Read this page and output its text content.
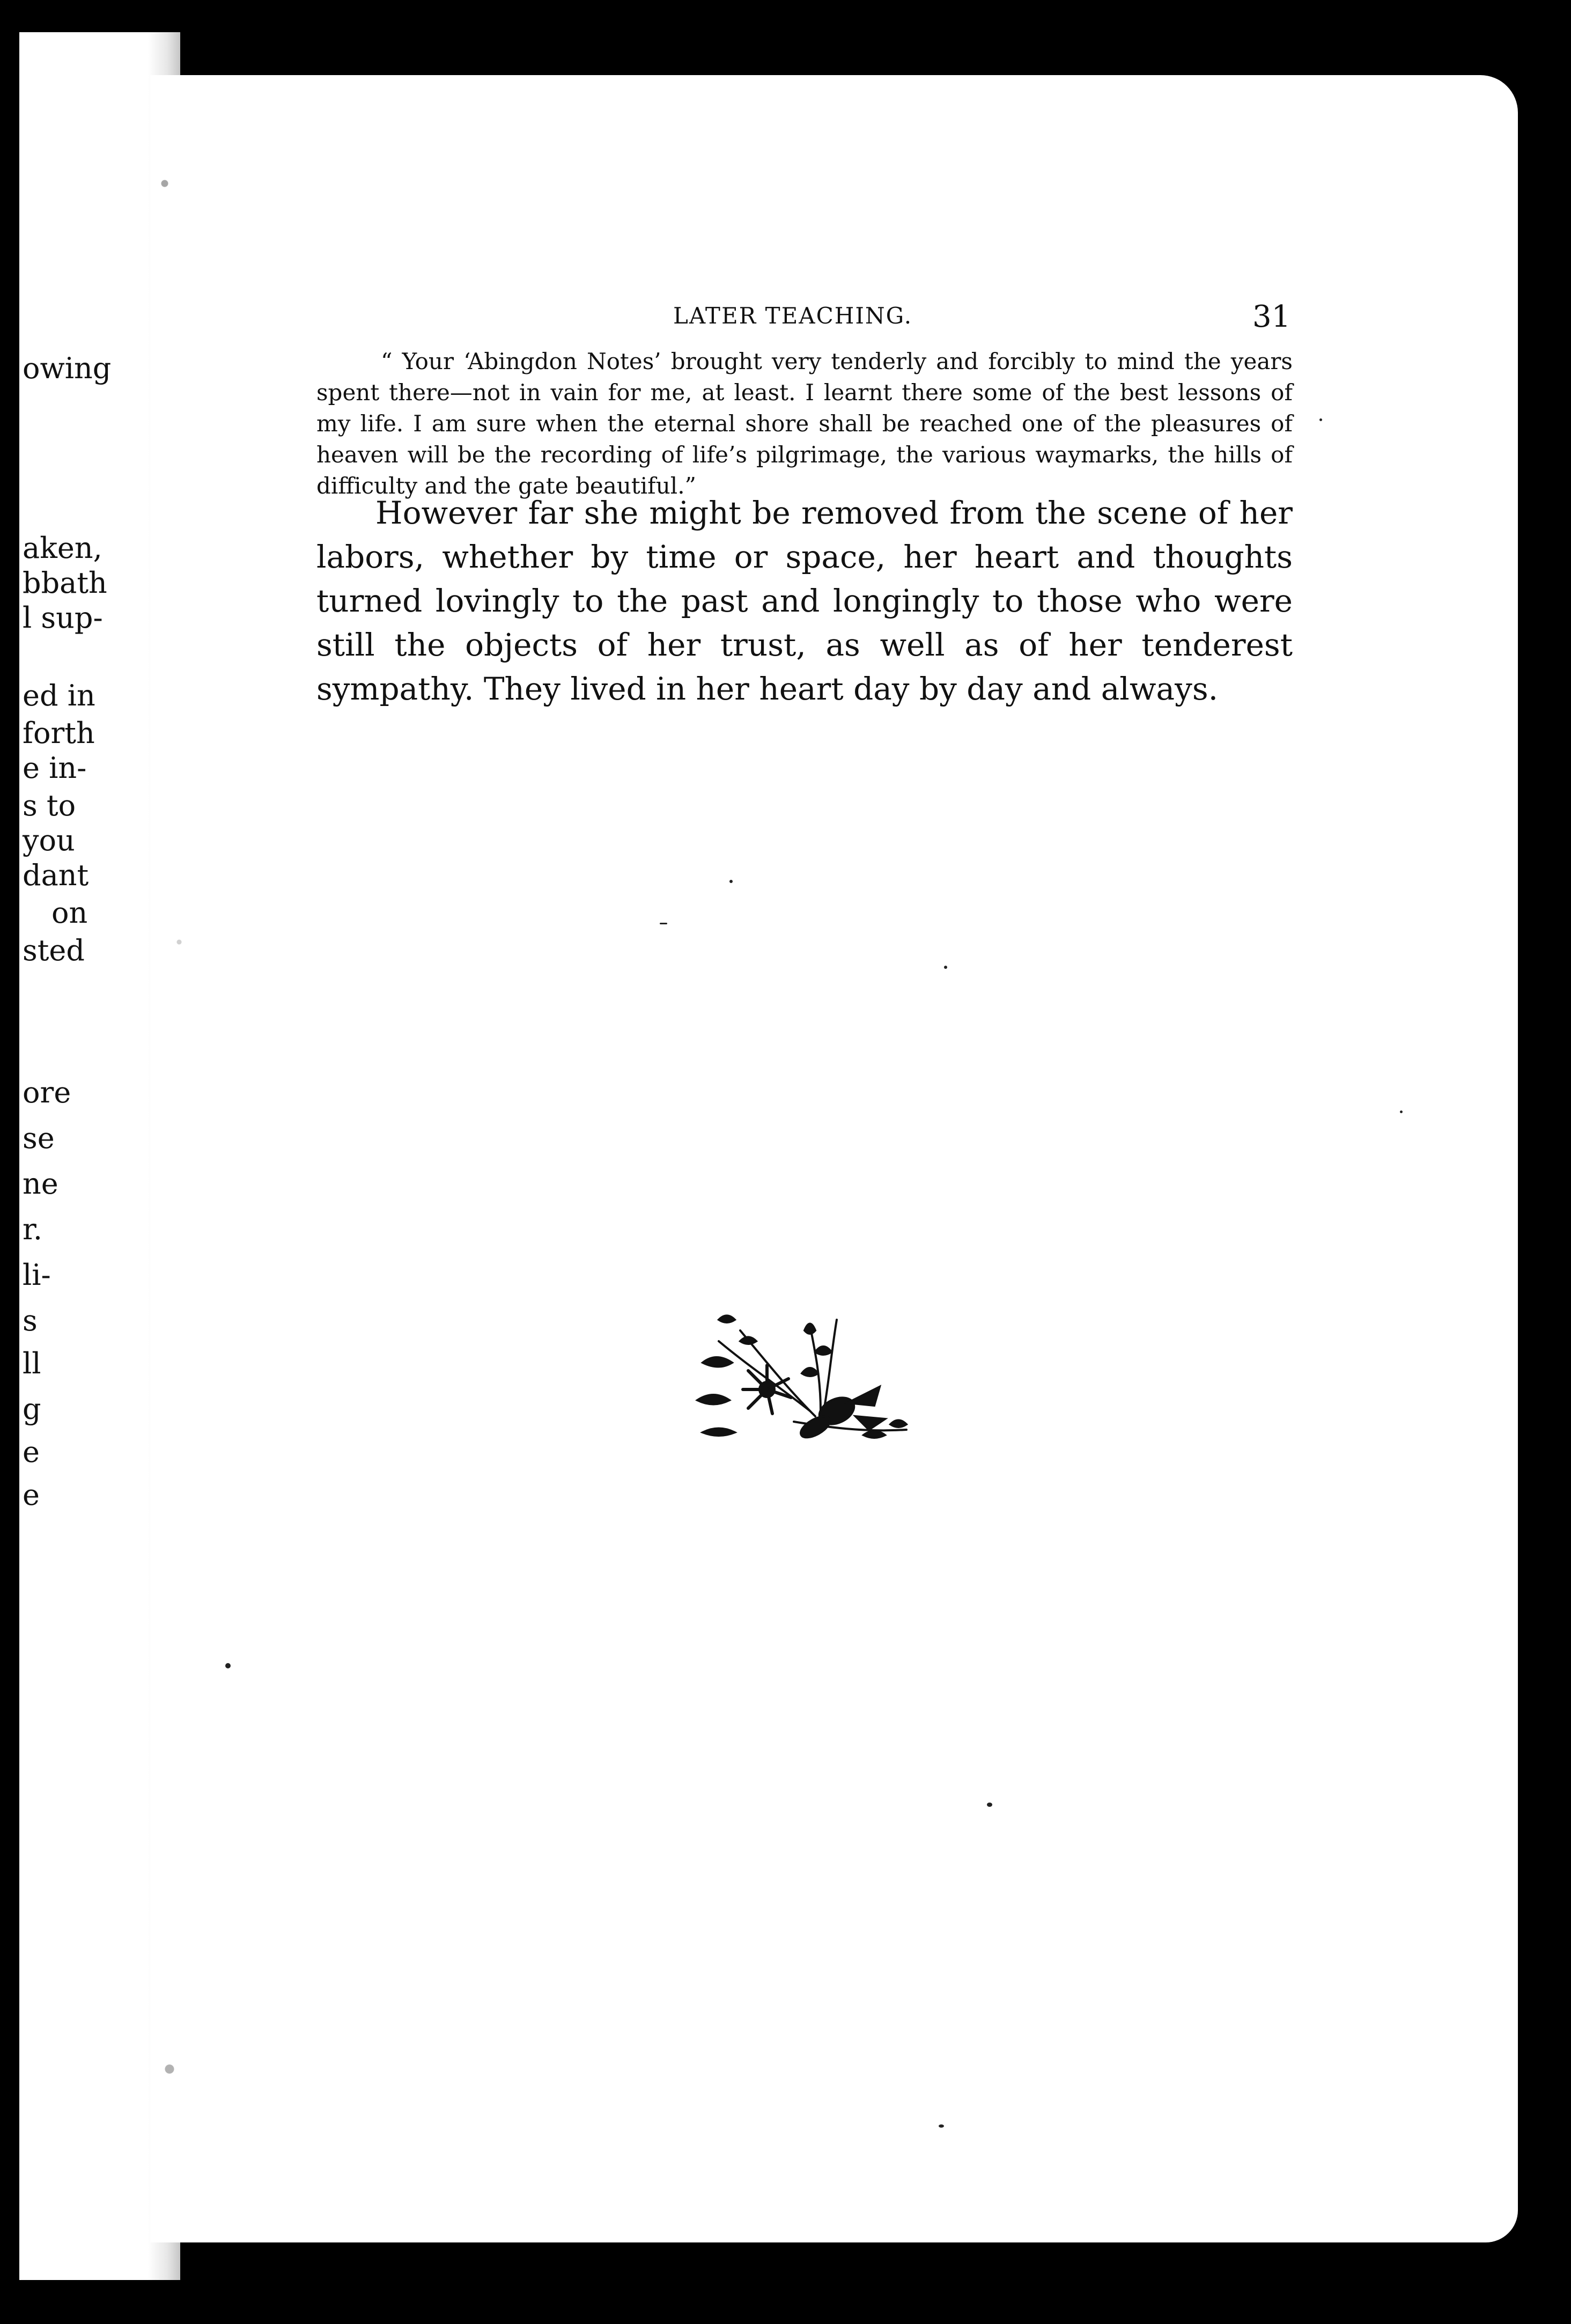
owing
aken,
bbath
l sup-
ed in
forth
e in-
s to
you
dant
on
sted
ore
se
ne
r.
li-
s
ll
g
e
e
LATER TEACHING.	31

“ Your ‘Abingdon Notes’ brought very tenderly and forcibly to mind the years spent there—not in vain for me, at least. I learnt there some of the best lessons of my life. I am sure when the eternal shore shall be reached one of the pleasures of heaven will be the recording of life’s pilgrimage, the various waymarks, the hills of difficulty and the gate beautiful.”

However far she might be removed from the scene of her labors, whether by time or space, her heart and thoughts turned lovingly to the past and longingly to those who were still the objects of her trust, as well as of her tenderest sympathy. They lived in her heart day by day and always.
